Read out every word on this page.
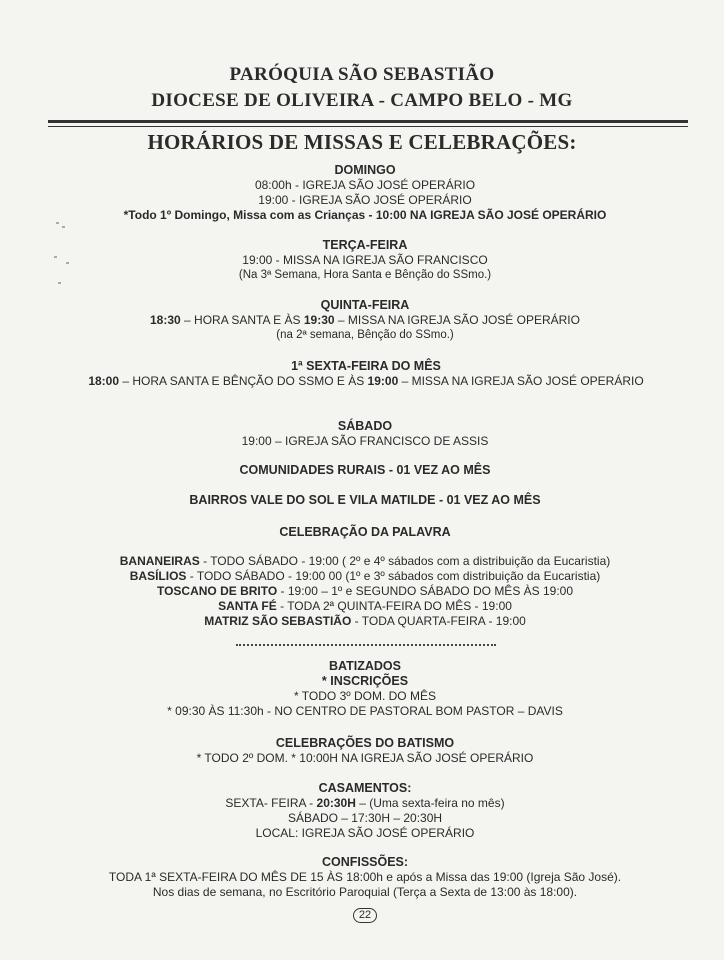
PARÓQUIA SÃO SEBASTIÃO
DIOCESE DE OLIVEIRA - CAMPO BELO - MG
HORÁRIOS DE MISSAS E CELEBRAÇÕES:
DOMINGO
08:00h - IGREJA SÃO JOSÉ OPERÁRIO
19:00 - IGREJA SÃO JOSÉ OPERÁRIO
*Todo 1º Domingo, Missa com as Crianças - 10:00 NA IGREJA SÃO JOSÉ OPERÁRIO
TERÇA-FEIRA
19:00 - MISSA NA IGREJA SÃO FRANCISCO
(Na 3ª Semana, Hora Santa e Bênção do SSmo.)
QUINTA-FEIRA
18:30 – HORA SANTA E ÀS 19:30 – MISSA NA IGREJA SÃO JOSÉ OPERÁRIO
(na 2ª semana, Bênção do SSmo.)
1ª SEXTA-FEIRA DO MÊS
18:00 – HORA SANTA E BÊNÇÃO DO SSMO E ÀS 19:00 – MISSA NA IGREJA SÃO JOSÉ OPERÁRIO
SÁBADO
19:00 – IGREJA SÃO FRANCISCO DE ASSIS
COMUNIDADES RURAIS - 01 VEZ AO MÊS
BAIRROS VALE DO SOL E VILA MATILDE - 01 VEZ AO MÊS
CELEBRAÇÃO DA PALAVRA
BANANEIRAS - TODO SÁBADO - 19:00 ( 2º e 4º sábados com a distribuição da Eucaristia)
BASÍLIOS - TODO SÁBADO - 19:00 00 (1º e 3º sábados com distribuição da Eucaristia)
TOSCANO DE BRITO - 19:00 – 1º e SEGUNDO SÁBADO DO MÊS ÀS 19:00
SANTA FÉ - TODA 2ª QUINTA-FEIRA DO MÊS - 19:00
MATRIZ SÃO SEBASTIÃO - TODA QUARTA-FEIRA - 19:00
BATIZADOS
* INSCRIÇÕES
* TODO 3º DOM. DO MÊS
* 09:30 ÀS 11:30h - NO CENTRO DE PASTORAL BOM PASTOR – DAVIS
CELEBRAÇÕES DO BATISMO
* TODO 2º DOM. * 10:00H NA IGREJA SÃO JOSÉ OPERÁRIO
CASAMENTOS:
SEXTA- FEIRA - 20:30H – (Uma sexta-feira no mês)
SÁBADO – 17:30H – 20:30H
LOCAL: IGREJA SÃO JOSÉ OPERÁRIO
CONFISSÕES:
TODA 1ª SEXTA-FEIRA DO MÊS DE 15 ÀS 18:00h e após a Missa das 19:00 (Igreja São José).
Nos dias de semana, no Escritório Paroquial (Terça a Sexta de 13:00 às 18:00).
22
